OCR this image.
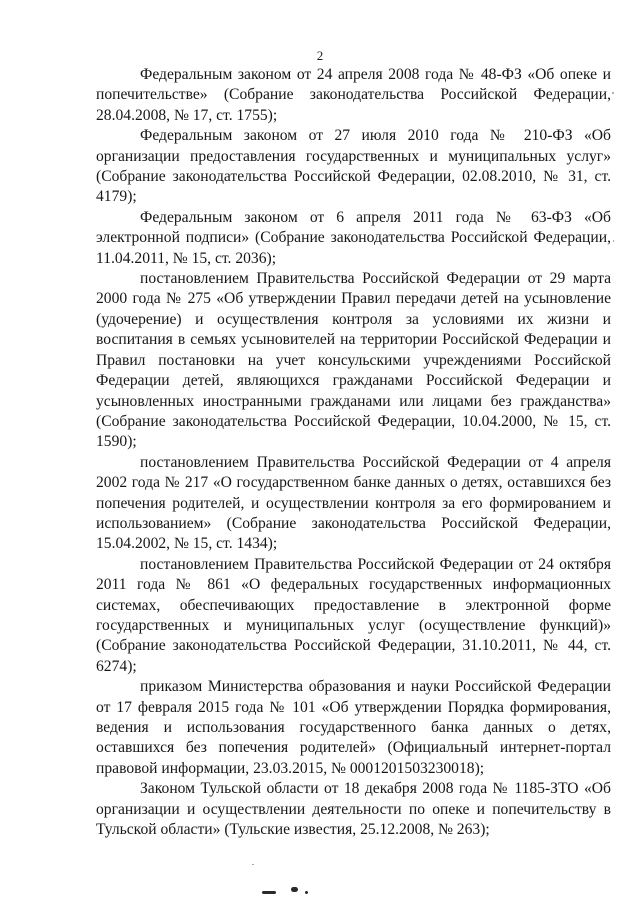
2

Федеральным законом от 24 апреля 2008 года № 48-ФЗ «Об опеке и попечительстве» (Собрание законодательства Российской Федерации, 28.04.2008, № 17, ст. 1755);

Федеральным законом от 27 июля 2010 года № 210-ФЗ «Об организации предоставления государственных и муниципальных услуг» (Собрание законодательства Российской Федерации, 02.08.2010, № 31, ст. 4179);

Федеральным законом от 6 апреля 2011 года № 63-ФЗ «Об электронной подписи» (Собрание законодательства Российской Федерации, 11.04.2011, № 15, ст. 2036);

постановлением Правительства Российской Федерации от 29 марта 2000 года № 275 «Об утверждении Правил передачи детей на усыновление (удочерение) и осуществления контроля за условиями их жизни и воспитания в семьях усыновителей на территории Российской Федерации и Правил постановки на учет консульскими учреждениями Российской Федерации детей, являющихся гражданами Российской Федерации и усыновленных иностранными гражданами или лицами без гражданства» (Собрание законодательства Российской Федерации, 10.04.2000, № 15, ст. 1590);

постановлением Правительства Российской Федерации от 4 апреля 2002 года № 217 «О государственном банке данных о детях, оставшихся без попечения родителей, и осуществлении контроля за его формированием и использованием» (Собрание законодательства Российской Федерации, 15.04.2002, № 15, ст. 1434);

постановлением Правительства Российской Федерации от 24 октября 2011 года № 861 «О федеральных государственных информационных системах, обеспечивающих предоставление в электронной форме государственных и муниципальных услуг (осуществление функций)» (Собрание законодательства Российской Федерации, 31.10.2011, № 44, ст. 6274);

приказом Министерства образования и науки Российской Федерации от 17 февраля 2015 года № 101 «Об утверждении Порядка формирования, ведения и использования государственного банка данных о детях, оставшихся без попечения родителей» (Официальный интернет-портал правовой информации, 23.03.2015, № 0001201503230018);

Законом Тульской области от 18 декабря 2008 года № 1185-ЗТО «Об организации и осуществлении деятельности по опеке и попечительству в Тульской области» (Тульские известия, 25.12.2008, № 263);
